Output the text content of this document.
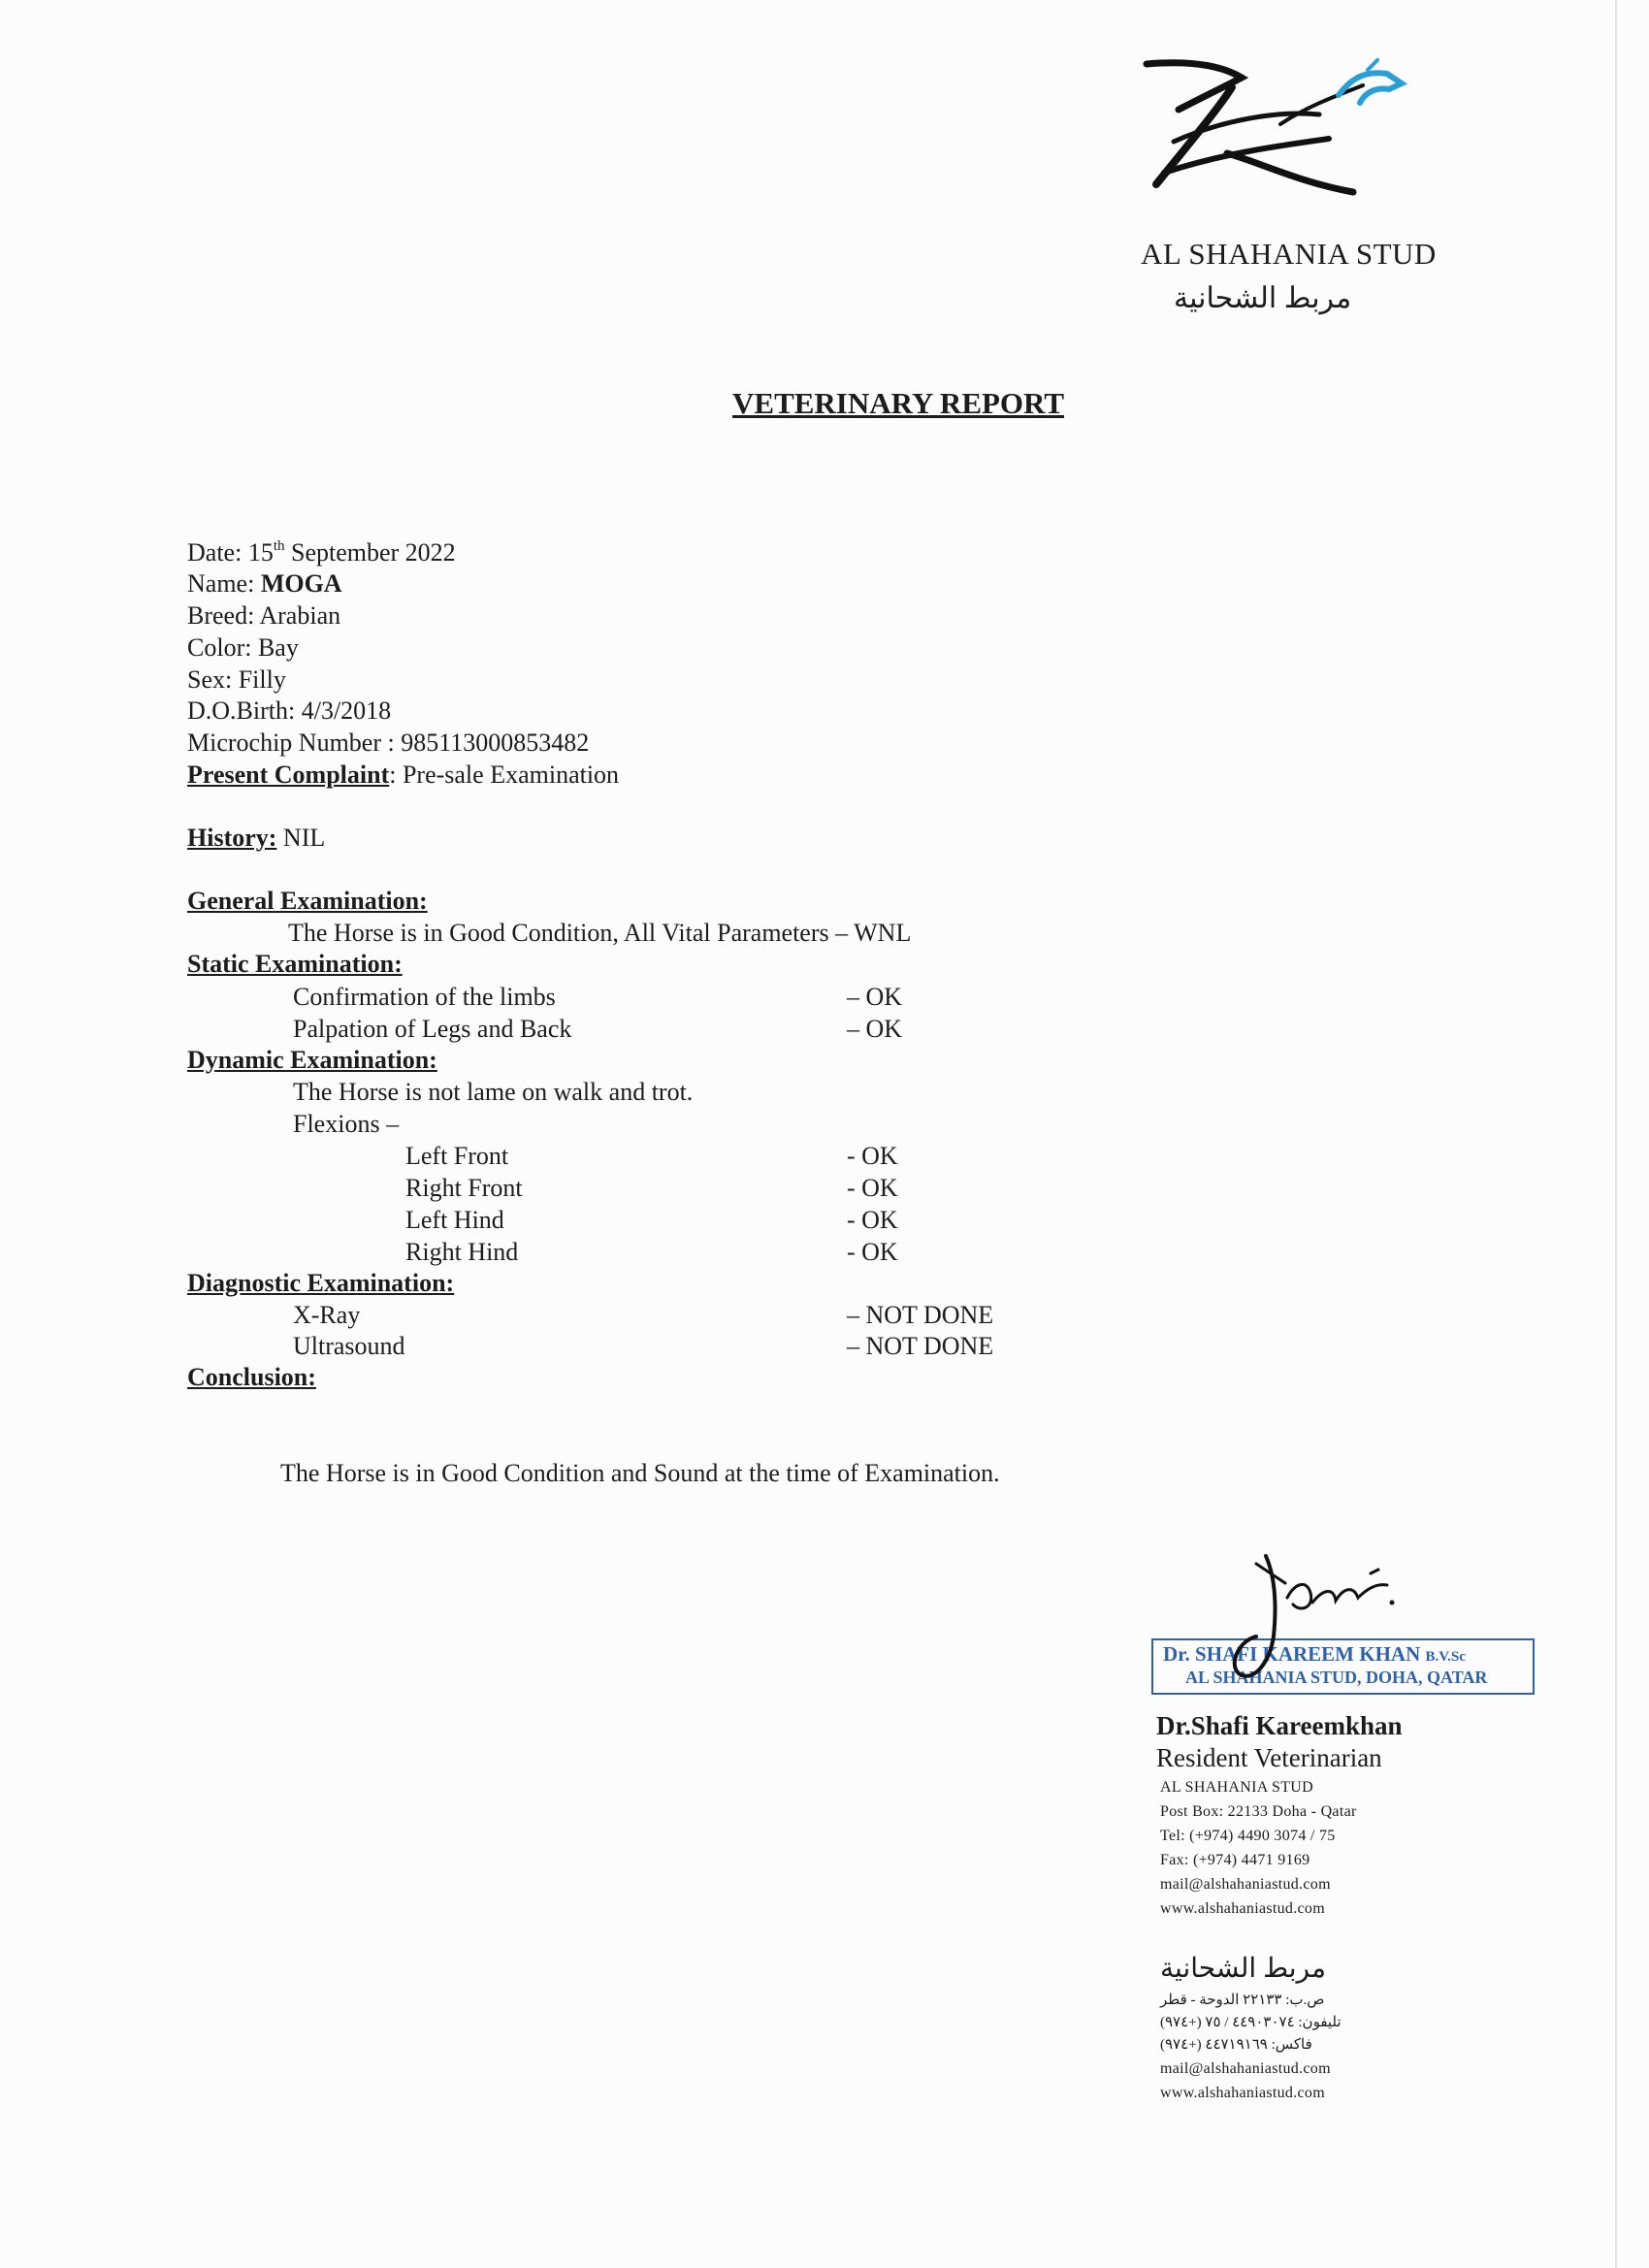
AL SHAHANIA STUD
مربط الشحانية
VETERINARY REPORT
Date: 15th September 2022
Name: MOGA
Breed: Arabian
Color: Bay
Sex: Filly
D.O.Birth: 4/3/2018
Microchip Number : 985113000853482
Present Complaint: Pre-sale Examination
History: NIL
General Examination:
The Horse is in Good Condition, All Vital Parameters – WNL
Static Examination:
Confirmation of the limbs	– OK
Palpation of Legs and Back	– OK
Dynamic Examination:
The Horse is not lame on walk and trot.
Flexions –
Left Front	- OK
Right Front	- OK
Left Hind	- OK
Right Hind	- OK
Diagnostic Examination:
X-Ray	– NOT DONE
Ultrasound	– NOT DONE
Conclusion:
The Horse is in Good Condition and Sound at the time of Examination.
Dr. SHAFI KAREEM KHAN B.V.Sc
AL SHAHANIA STUD, DOHA, QATAR
Dr.Shafi Kareemkhan
Resident Veterinarian
AL SHAHANIA STUD
Post Box: 22133 Doha - Qatar
Tel: (+974) 4490 3074 / 75
Fax: (+974) 4471 9169
mail@alshahaniastud.com
www.alshahaniastud.com
مربط الشحانية
ص.ب: ٢٢١٣٣ الدوحة - قطر
تليفون: ٤٤٩٠٣٠٧٤ / ٧٥ (+٩٧٤)
فاكس: ٤٤٧١٩١٦٩ (+٩٧٤)
mail@alshahaniastud.com
www.alshahaniastud.com
